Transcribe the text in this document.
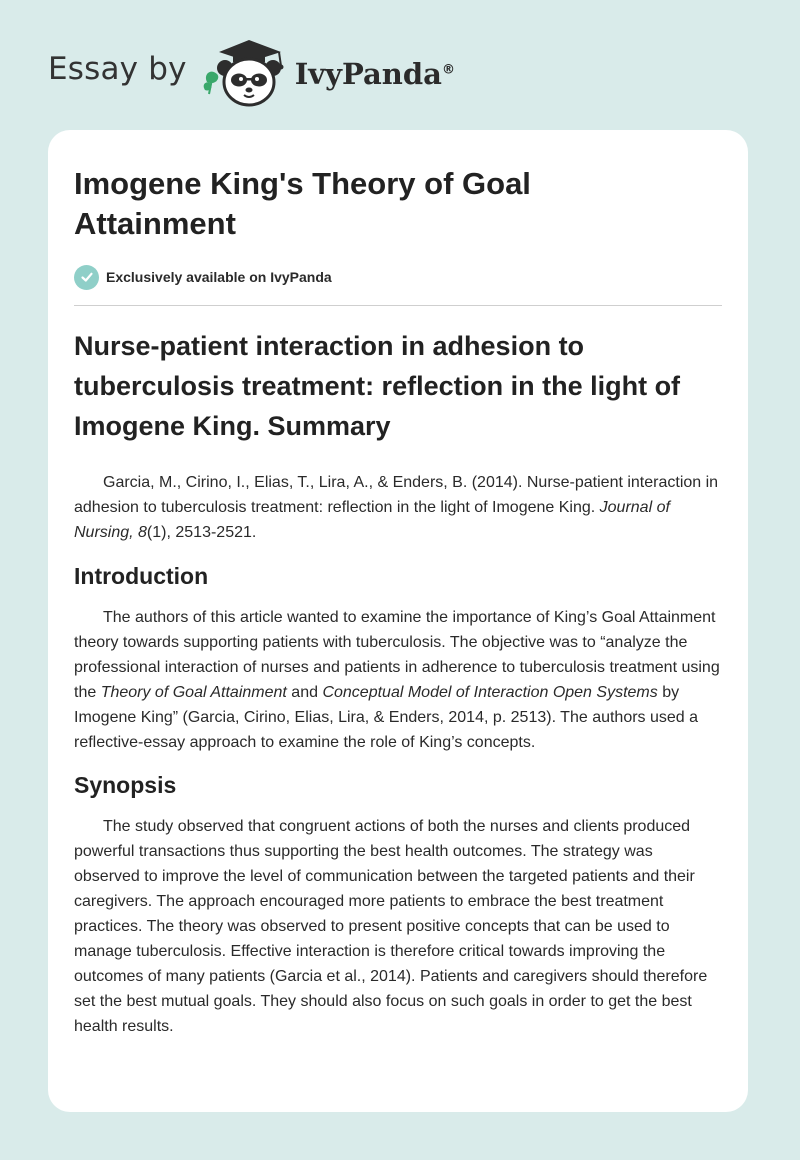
Essay by	IvyPanda®
Imogene King's Theory of Goal Attainment
Exclusively available on IvyPanda
Nurse-patient interaction in adhesion to tuberculosis treatment: reflection in the light of Imogene King. Summary

Garcia, M., Cirino, I., Elias, T., Lira, A., & Enders, B. (2014). Nurse-patient interaction in adhesion to tuberculosis treatment: reflection in the light of Imogene King. Journal of Nursing, 8(1), 2513-2521.

Introduction

The authors of this article wanted to examine the importance of King’s Goal Attainment theory towards supporting patients with tuberculosis. The objective was to “analyze the professional interaction of nurses and patients in adherence to tuberculosis treatment using the Theory of Goal Attainment and Conceptual Model of Interaction Open Systems by Imogene King” (Garcia, Cirino, Elias, Lira, & Enders, 2014, p. 2513). The authors used a reflective-essay approach to examine the role of King’s concepts.

Synopsis

The study observed that congruent actions of both the nurses and clients produced powerful transactions thus supporting the best health outcomes. The strategy was observed to improve the level of communication between the targeted patients and their caregivers. The approach encouraged more patients to embrace the best treatment practices. The theory was observed to present positive concepts that can be used to manage tuberculosis. Effective interaction is therefore critical towards improving the outcomes of many patients (Garcia et al., 2014). Patients and caregivers should therefore set the best mutual goals. They should also focus on such goals in order to get the best health results.
